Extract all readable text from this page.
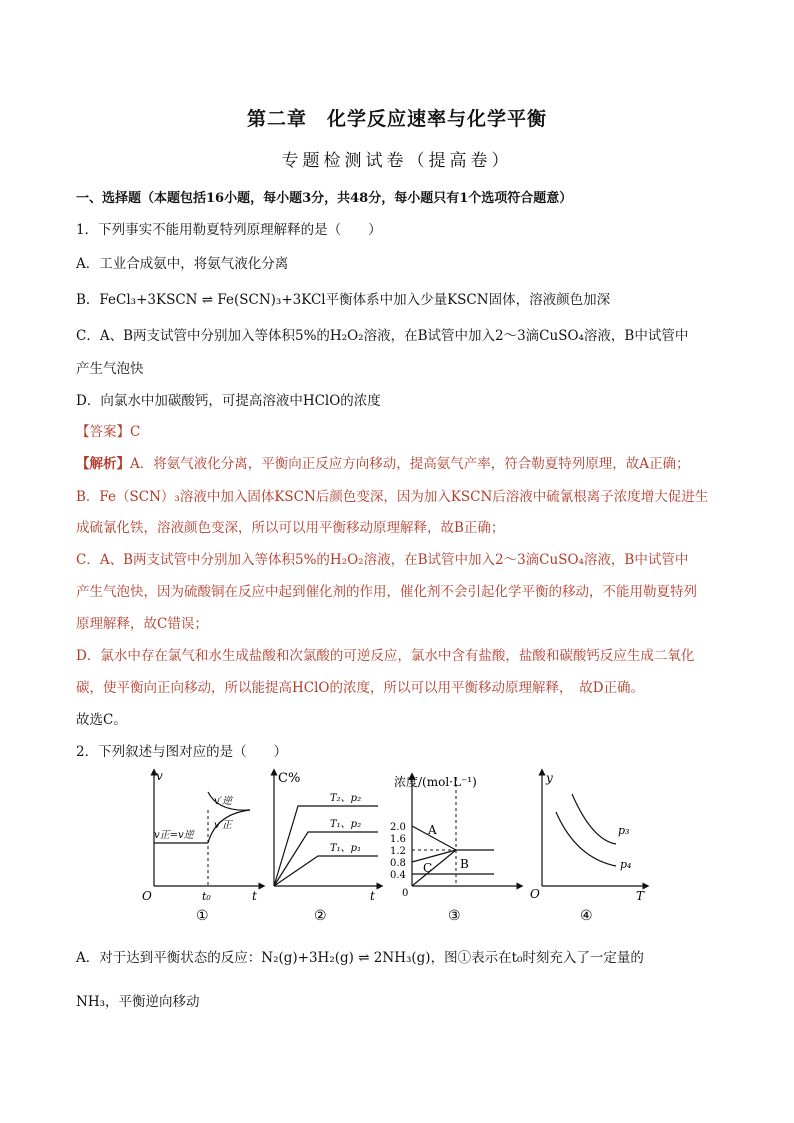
第二章　化学反应速率与化学平衡
专题检测试卷（提高卷）
一、选择题（本题包括16小题，每小题3分，共48分，每小题只有1个选项符合题意）
1．下列事实不能用勒夏特列原理解释的是（　　）
A．工业合成氨中，将氨气液化分离
B．FeCl₃+3KSCN ⇌ Fe(SCN)₃+3KCl平衡体系中加入少量KSCN固体，溶液颜色加深
C．A、B两支试管中分别加入等体积5%的H₂O₂溶液，在B试管中加入2～3滴CuSO₄溶液，B中试管中
产生气泡快
D．向氯水中加碳酸钙，可提高溶液中HClO的浓度
【答案】C
【解析】A．将氨气液化分离，平衡向正反应方向移动，提高氨气产率，符合勒夏特列原理，故A正确；
B．Fe（SCN）₃溶液中加入固体KSCN后颜色变深，因为加入KSCN后溶液中硫氰根离子浓度增大促进生
成硫氰化铁，溶液颜色变深，所以可以用平衡移动原理解释，故B正确；
C．A、B两支试管中分别加入等体积5%的H₂O₂溶液，在B试管中加入2～3滴CuSO₄溶液，B中试管中
产生气泡快，因为硫酸铜在反应中起到催化剂的作用，催化剂不会引起化学平衡的移动，不能用勒夏特列
原理解释，故C错误；
D．氯水中存在氯气和水生成盐酸和次氯酸的可逆反应，氯水中含有盐酸，盐酸和碳酸钙反应生成二氧化
碳，使平衡向正向移动，所以能提高HClO的浓度，所以可以用平衡移动原理解释，　故D正确。
故选C。
2．下列叙述与图对应的是（　　）
v
t
O	t₀
v正=v逆
v′逆
v′正
①
C%
t
T₂、p₂
T₁、p₂
T₁、p₁
②
浓度/(mol·L⁻¹)
0
2.0
1.6
1.2
0.8
0.4
A
B
C
③
y
T
O
p₃
p₄
④
A．对于达到平衡状态的反应：N₂(g)+3H₂(g) ⇌ 2NH₃(g)，图①表示在t₀时刻充入了一定量的
NH₃，平衡逆向移动
